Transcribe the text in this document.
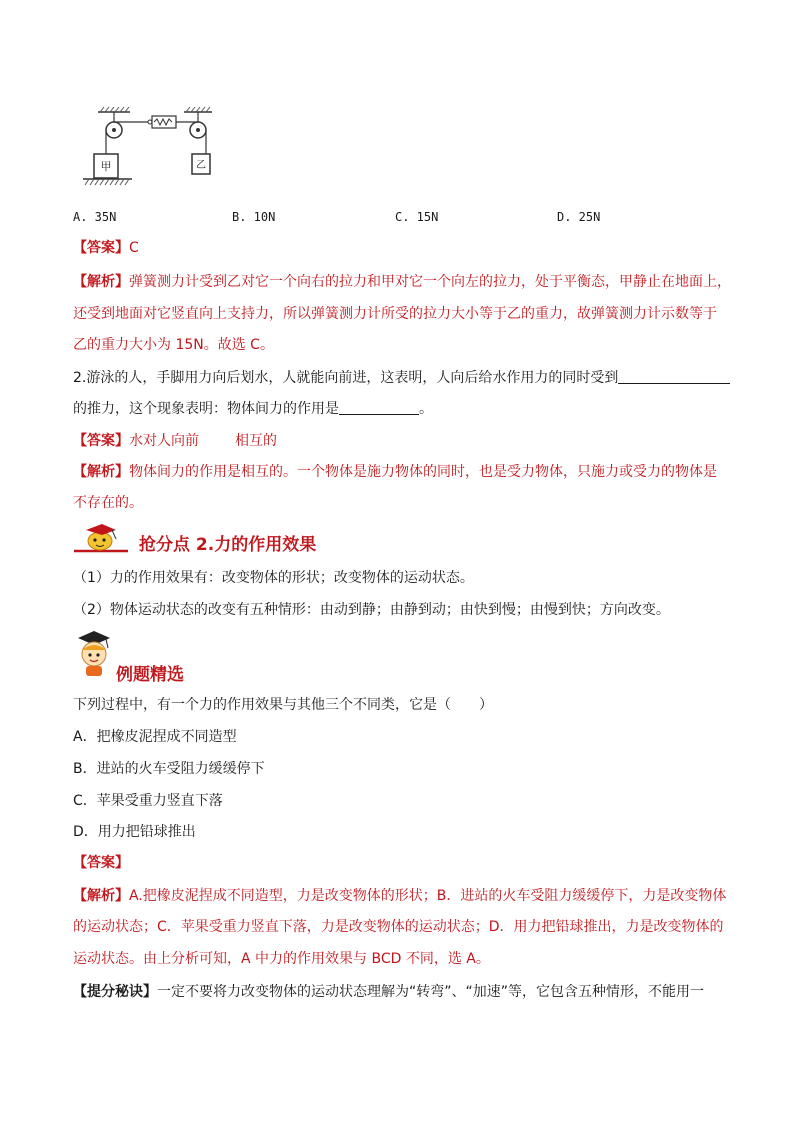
甲	乙
A. 35N	B. 10N	C. 15N	D. 25N
【答案】C
【解析】弹簧测力计受到乙对它一个向右的拉力和甲对它一个向左的拉力，处于平衡态，甲静止在地面上，
还受到地面对它竖直向上支持力，所以弹簧测力计所受的拉力大小等于乙的重力，故弹簧测力计示数等于
乙的重力大小为 15N。故选 C。
2.游泳的人，手脚用力向后划水，人就能向前进，这表明，人向后给水作用力的同时受到
的推力，这个现象表明：物体间力的作用是	。
【答案】水对人向前	相互的
【解析】物体间力的作用是相互的。一个物体是施力物体的同时，也是受力物体，只施力或受力的物体是
不存在的。
抢分点 2.力的作用效果
（1）力的作用效果有：改变物体的形状；改变物体的运动状态。
（2）物体运动状态的改变有五种情形：由动到静；由静到动；由快到慢；由慢到快；方向改变。
例题精选
下列过程中，有一个力的作用效果与其他三个不同类，它是（　　）
A．把橡皮泥捏成不同造型
B．进站的火车受阻力缓缓停下
C．苹果受重力竖直下落
D．用力把铅球推出
【答案】
【解析】A.把橡皮泥捏成不同造型，力是改变物体的形状；B．进站的火车受阻力缓缓停下，力是改变物体
的运动状态；C．苹果受重力竖直下落，力是改变物体的运动状态；D．用力把铅球推出，力是改变物体的
运动状态。由上分析可知，A 中力的作用效果与 BCD 不同，选 A。
【提分秘诀】一定不要将力改变物体的运动状态理解为“转弯”、“加速”等，它包含五种情形，不能用一
